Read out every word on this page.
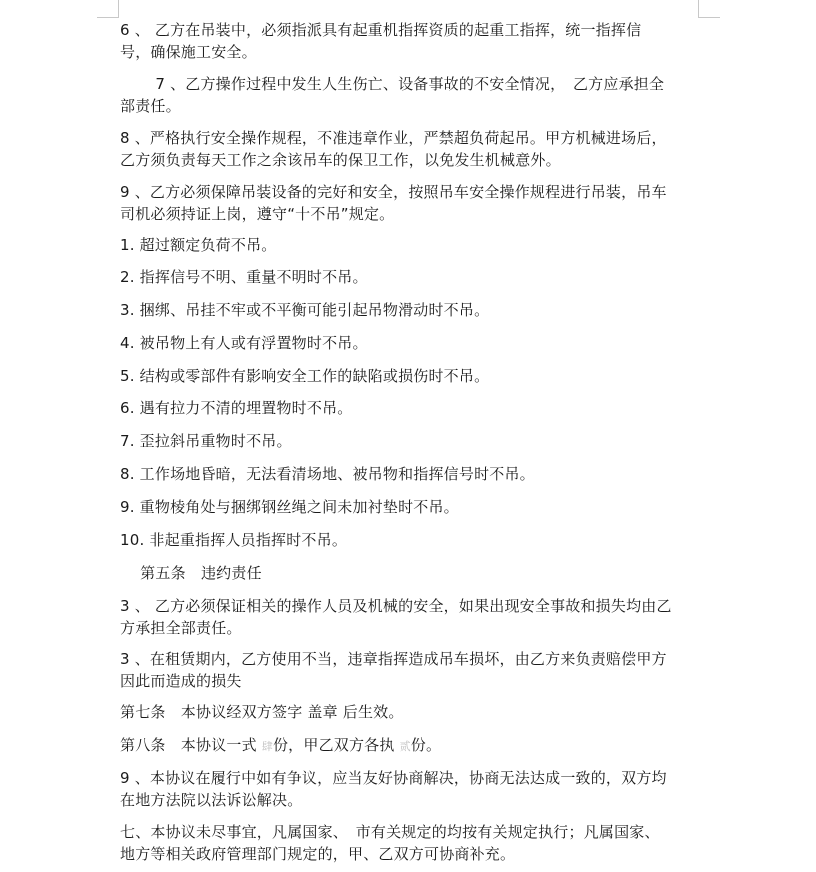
6 、 乙方在吊装中，必须指派具有起重机指挥资质的起重工指挥，统一指挥信
号，确保施工安全。
　　 7 、乙方操作过程中发生人生伤亡、设备事故的不安全情况，　乙方应承担全
部责任。
8 、严格执行安全操作规程，不准违章作业，严禁超负荷起吊。甲方机械进场后，
乙方须负责每天工作之余该吊车的保卫工作，以免发生机械意外。
9 、乙方必须保障吊装设备的完好和安全，按照吊车安全操作规程进行吊装，吊车
司机必须持证上岗，遵守“十不吊”规定。
1. 超过额定负荷不吊。
2. 指挥信号不明、重量不明时不吊。
3. 捆绑、吊挂不牢或不平衡可能引起吊物滑动时不吊。
4. 被吊物上有人或有浮置物时不吊。
5. 结构或零部件有影响安全工作的缺陷或损伤时不吊。
6. 遇有拉力不清的埋置物时不吊。
7. 歪拉斜吊重物时不吊。
8. 工作场地昏暗，无法看清场地、被吊物和指挥信号时不吊。
9. 重物棱角处与捆绑钢丝绳之间未加衬垫时不吊。
10. 非起重指挥人员指挥时不吊。
　 第五条　违约责任
3 、 乙方必须保证相关的操作人员及机械的安全，如果出现安全事故和损失均由乙
方承担全部责任。
3 、在租赁期内，乙方使用不当，违章指挥造成吊车损坏，由乙方来负责赔偿甲方
因此而造成的损失
第七条　本协议经双方签字 盖章 后生效。
第八条　本协议一式 肆份，甲乙双方各执 贰份。
9 、本协议在履行中如有争议，应当友好协商解决，协商无法达成一致的，双方均
在地方法院以法诉讼解决。
七、本协议未尽事宜，凡属国家、　市有关规定的均按有关规定执行；凡属国家、
地方等相关政府管理部门规定的，甲、乙双方可协商补充。
